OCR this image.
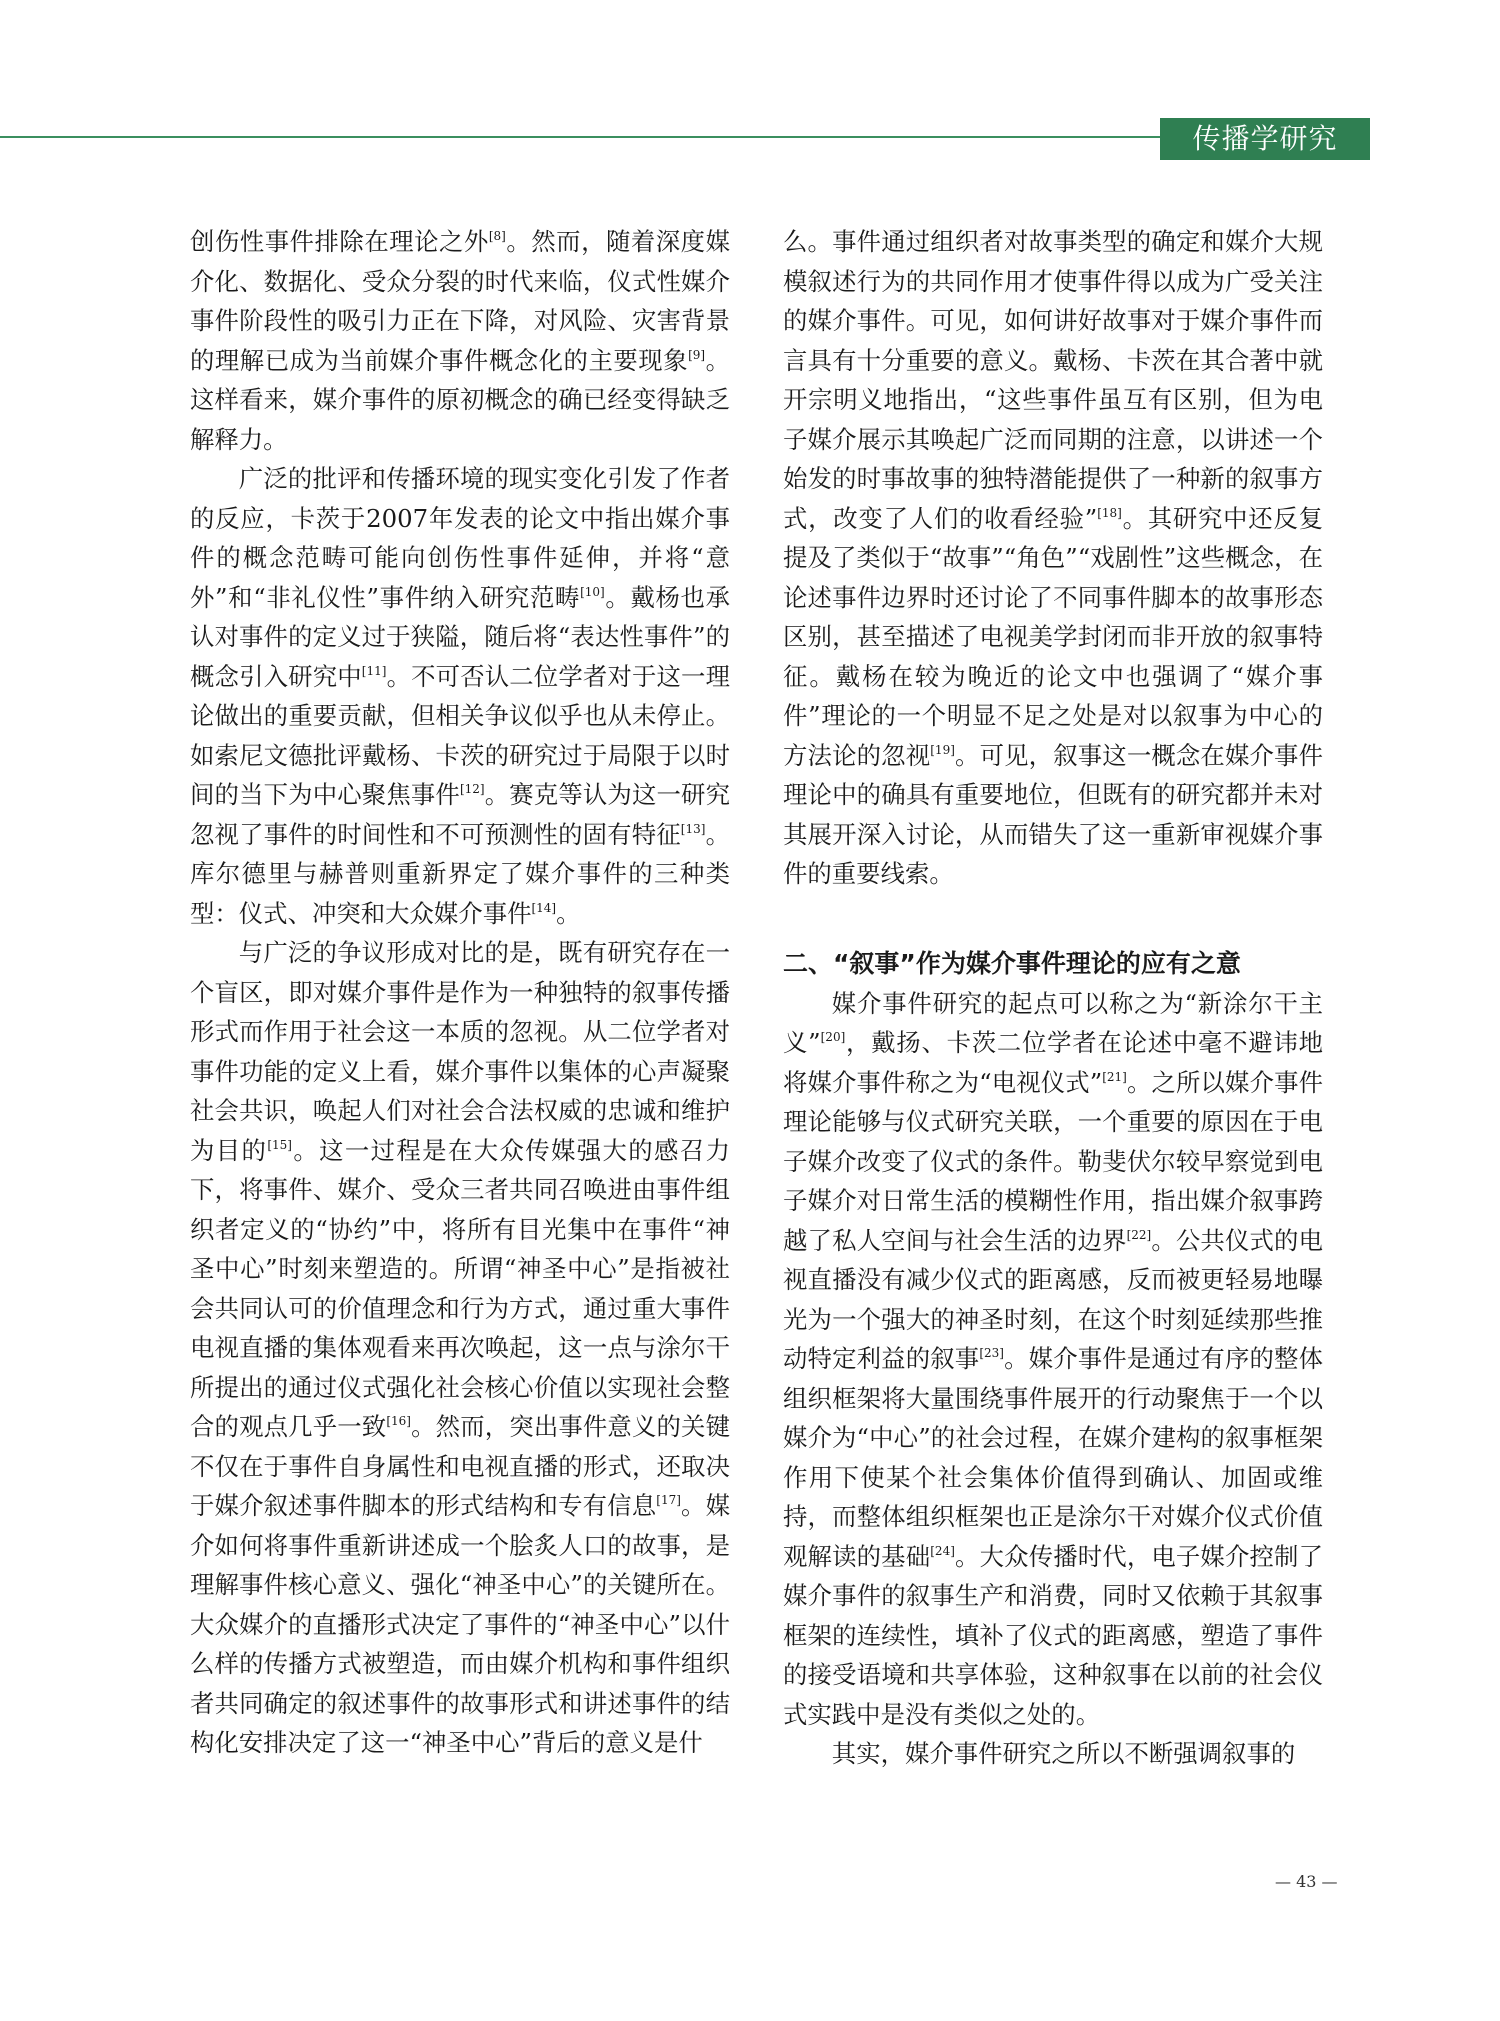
传播学研究

创伤性事件排除在理论之外[8]。然而，随着深度媒介化、数据化、受众分裂的时代来临，仪式性媒介事件阶段性的吸引力正在下降，对风险、灾害背景的理解已成为当前媒介事件概念化的主要现象[9]。这样看来，媒介事件的原初概念的确已经变得缺乏解释力。

广泛的批评和传播环境的现实变化引发了作者的反应，卡茨于2007年发表的论文中指出媒介事件的概念范畴可能向创伤性事件延伸，并将“意外”和“非礼仪性”事件纳入研究范畴[10]。戴杨也承认对事件的定义过于狭隘，随后将“表达性事件”的概念引入研究中[11]。不可否认二位学者对于这一理论做出的重要贡献，但相关争议似乎也从未停止。如索尼文德批评戴杨、卡茨的研究过于局限于以时间的当下为中心聚焦事件[12]。赛克等认为这一研究忽视了事件的时间性和不可预测性的固有特征[13]。库尔德里与赫普则重新界定了媒介事件的三种类型：仪式、冲突和大众媒介事件[14]。

与广泛的争议形成对比的是，既有研究存在一个盲区，即对媒介事件是作为一种独特的叙事传播形式而作用于社会这一本质的忽视。从二位学者对事件功能的定义上看，媒介事件以集体的心声凝聚社会共识，唤起人们对社会合法权威的忠诚和维护为目的[15]。这一过程是在大众传媒强大的感召力下，将事件、媒介、受众三者共同召唤进由事件组织者定义的“协约”中，将所有目光集中在事件“神圣中心”时刻来塑造的。所谓“神圣中心”是指被社会共同认可的价值理念和行为方式，通过重大事件电视直播的集体观看来再次唤起，这一点与涂尔干所提出的通过仪式强化社会核心价值以实现社会整合的观点几乎一致[16]。然而，突出事件意义的关键不仅在于事件自身属性和电视直播的形式，还取决于媒介叙述事件脚本的形式结构和专有信息[17]。媒介如何将事件重新讲述成一个脍炙人口的故事，是理解事件核心意义、强化“神圣中心”的关键所在。大众媒介的直播形式决定了事件的“神圣中心”以什么样的传播方式被塑造，而由媒介机构和事件组织者共同确定的叙述事件的故事形式和讲述事件的结构化安排决定了这一“神圣中心”背后的意义是什

么。事件通过组织者对故事类型的确定和媒介大规模叙述行为的共同作用才使事件得以成为广受关注的媒介事件。可见，如何讲好故事对于媒介事件而言具有十分重要的意义。戴杨、卡茨在其合著中就开宗明义地指出，“这些事件虽互有区别，但为电子媒介展示其唤起广泛而同期的注意，以讲述一个始发的时事故事的独特潜能提供了一种新的叙事方式，改变了人们的收看经验”[18]。其研究中还反复提及了类似于“故事”“角色”“戏剧性”这些概念，在论述事件边界时还讨论了不同事件脚本的故事形态区别，甚至描述了电视美学封闭而非开放的叙事特征。戴杨在较为晚近的论文中也强调了“媒介事件”理论的一个明显不足之处是对以叙事为中心的方法论的忽视[19]。可见，叙事这一概念在媒介事件理论中的确具有重要地位，但既有的研究都并未对其展开深入讨论，从而错失了这一重新审视媒介事件的重要线索。

二、“叙事”作为媒介事件理论的应有之意

媒介事件研究的起点可以称之为“新涂尔干主义”[20]，戴扬、卡茨二位学者在论述中毫不避讳地将媒介事件称之为“电视仪式”[21]。之所以媒介事件理论能够与仪式研究关联，一个重要的原因在于电子媒介改变了仪式的条件。勒斐伏尔较早察觉到电子媒介对日常生活的模糊性作用，指出媒介叙事跨越了私人空间与社会生活的边界[22]。公共仪式的电视直播没有减少仪式的距离感，反而被更轻易地曝光为一个强大的神圣时刻，在这个时刻延续那些推动特定利益的叙事[23]。媒介事件是通过有序的整体组织框架将大量围绕事件展开的行动聚焦于一个以媒介为“中心”的社会过程，在媒介建构的叙事框架作用下使某个社会集体价值得到确认、加固或维持，而整体组织框架也正是涂尔干对媒介仪式价值观解读的基础[24]。大众传播时代，电子媒介控制了媒介事件的叙事生产和消费，同时又依赖于其叙事框架的连续性，填补了仪式的距离感，塑造了事件的接受语境和共享体验，这种叙事在以前的社会仪式实践中是没有类似之处的。

其实，媒介事件研究之所以不断强调叙事的

— 43 —
